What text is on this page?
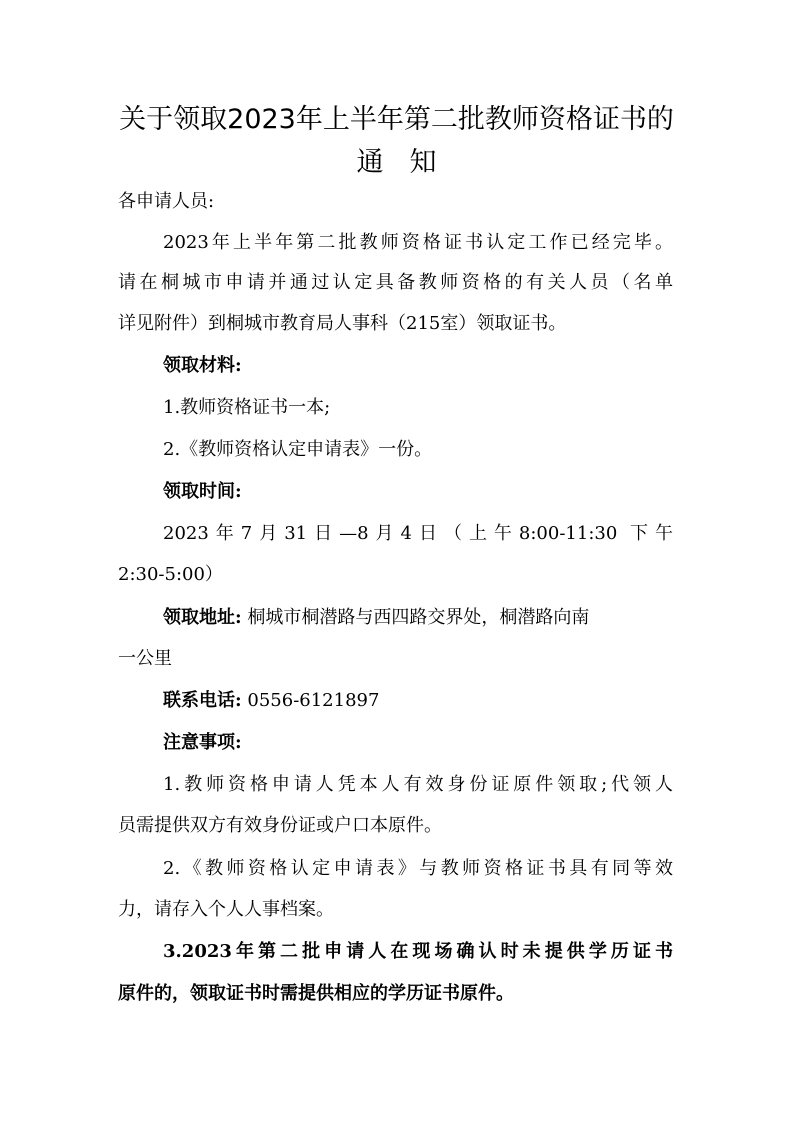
关于领取2023年上半年第二批教师资格证书的
通知
各申请人员:
2023年上半年第二批教师资格证书认定工作已经完毕。
请在桐城市申请并通过认定具备教师资格的有关人员（名单
详见附件）到桐城市教育局人事科（215室）领取证书。
领取材料:
1.教师资格证书一本;
2.《教师资格认定申请表》一份。
领取时间:
2023年7月31日—8月4日（上午8:00-11:30 下午
2:30-5:00）
领取地址: 桐城市桐潜路与西四路交界处，桐潜路向南
一公里
联系电话: 0556-6121897
注意事项:
1.教师资格申请人凭本人有效身份证原件领取;代领人
员需提供双方有效身份证或户口本原件。
2.《教师资格认定申请表》与教师资格证书具有同等效
力，请存入个人人事档案。
3.2023年第二批申请人在现场确认时未提供学历证书
原件的，领取证书时需提供相应的学历证书原件。
